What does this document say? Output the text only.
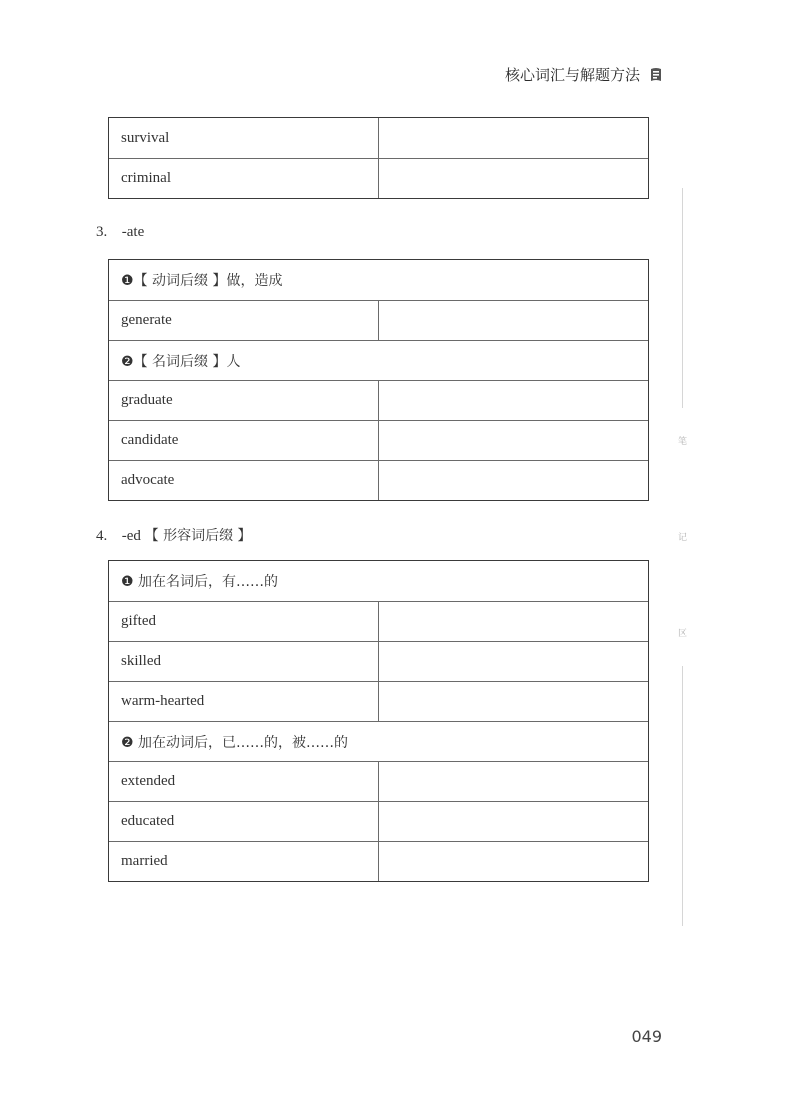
核心词汇与解题方法
survival
criminal
3. -ate
❶【 动词后缀 】做，造成
generate
❷【 名词后缀 】人
graduate
candidate
advocate
4. -ed 【 形容词后缀 】
❶ 加在名词后，有……的
gifted
skilled
warm-hearted
❷ 加在动词后，已……的，被……的
extended
educated
married
笔
记
区
049
